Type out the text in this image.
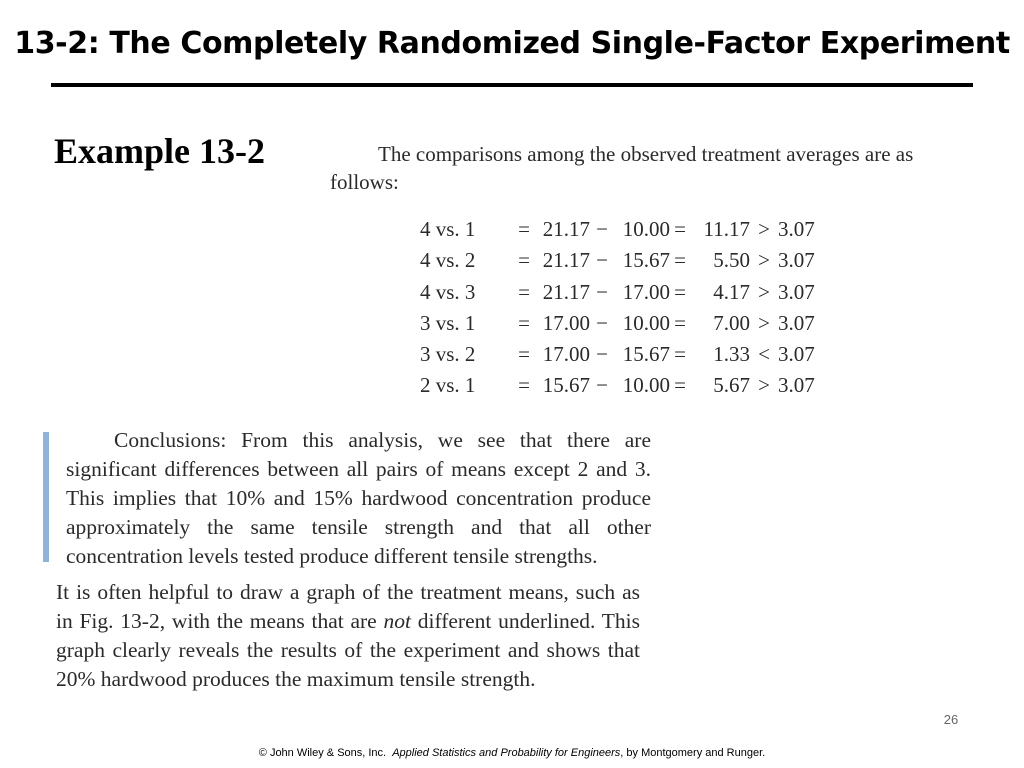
13-2: The Completely Randomized Single-Factor Experiment
Example 13-2	The comparisons among the observed treatment averages are as follows:
4 vs. 1	= 21.17 − 10.00 = 11.17 > 3.07
4 vs. 2	= 21.17 − 15.67 =	5.50 > 3.07
4 vs. 3	= 21.17 − 17.00 =	4.17 > 3.07
3 vs. 1	= 17.00 − 10.00 =	7.00 > 3.07
3 vs. 2	= 17.00 − 15.67 =	1.33 < 3.07
2 vs. 1	= 15.67 − 10.00 =	5.67 > 3.07
Conclusions: From this analysis, we see that there are significant differences between all pairs of means except 2 and 3. This implies that 10% and 15% hardwood concentration produce approximately the same tensile strength and that all other concentration levels tested produce different tensile strengths.
It is often helpful to draw a graph of the treatment means, such as in Fig. 13-2, with the means that are not different underlined. This graph clearly reveals the results of the experiment and shows that 20% hardwood produces the maximum tensile strength.
26
© John Wiley & Sons, Inc.  Applied Statistics and Probability for Engineers, by Montgomery and Runger.
